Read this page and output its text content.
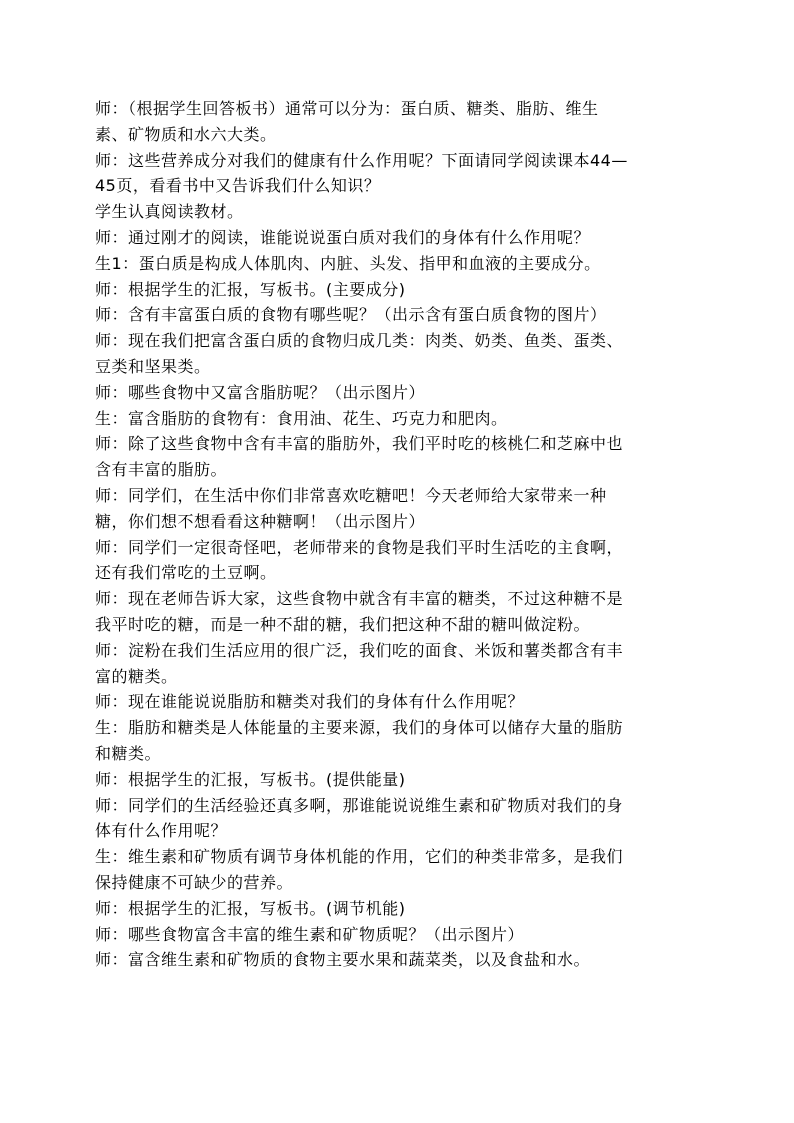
师：（根据学生回答板书）通常可以分为：蛋白质、糖类、脂肪、维生
素、矿物质和水六大类。
师：这些营养成分对我们的健康有什么作用呢？下面请同学阅读课本44—
45页，看看书中又告诉我们什么知识？
学生认真阅读教材。
师：通过刚才的阅读，谁能说说蛋白质对我们的身体有什么作用呢？
生1：蛋白质是构成人体肌肉、内脏、头发、指甲和血液的主要成分。
师：根据学生的汇报，写板书。(主要成分)
师：含有丰富蛋白质的食物有哪些呢？（出示含有蛋白质食物的图片）
师：现在我们把富含蛋白质的食物归成几类：肉类、奶类、鱼类、蛋类、
豆类和坚果类。
师：哪些食物中又富含脂肪呢？（出示图片）
生：富含脂肪的食物有：食用油、花生、巧克力和肥肉。
师：除了这些食物中含有丰富的脂肪外，我们平时吃的核桃仁和芝麻中也
含有丰富的脂肪。
师：同学们，在生活中你们非常喜欢吃糖吧！今天老师给大家带来一种
糖，你们想不想看看这种糖啊！（出示图片）
师：同学们一定很奇怪吧，老师带来的食物是我们平时生活吃的主食啊，
还有我们常吃的土豆啊。
师：现在老师告诉大家，这些食物中就含有丰富的糖类，不过这种糖不是
我平时吃的糖，而是一种不甜的糖，我们把这种不甜的糖叫做淀粉。
师：淀粉在我们生活应用的很广泛，我们吃的面食、米饭和薯类都含有丰
富的糖类。
师：现在谁能说说脂肪和糖类对我们的身体有什么作用呢？
生：脂肪和糖类是人体能量的主要来源，我们的身体可以储存大量的脂肪
和糖类。
师：根据学生的汇报，写板书。(提供能量)
师：同学们的生活经验还真多啊，那谁能说说维生素和矿物质对我们的身
体有什么作用呢？
生：维生素和矿物质有调节身体机能的作用，它们的种类非常多，是我们
保持健康不可缺少的营养。
师：根据学生的汇报，写板书。(调节机能)
师：哪些食物富含丰富的维生素和矿物质呢？（出示图片）
师：富含维生素和矿物质的食物主要水果和蔬菜类，以及食盐和水。
